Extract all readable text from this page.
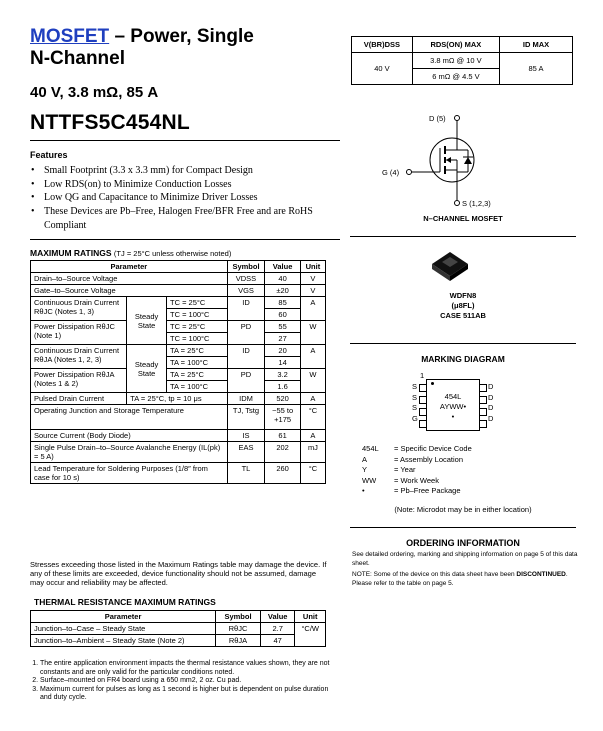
MOSFET – Power, Single
N-Channel
40 V, 3.8 mΩ, 85 A
NTTFS5C454NL
Features
• Small Footprint (3.3 x 3.3 mm) for Compact Design
• Low RDS(on) to Minimize Conduction Losses
• Low QG and Capacitance to Minimize Driver Losses
• These Devices are Pb–Free, Halogen Free/BFR Free and are RoHS Compliant
MAXIMUM RATINGS (TJ = 25°C unless otherwise noted)
Parameter			Symbol	Value	Unit
Drain–to–Source Voltage			VDSS	40	V
Gate–to–Source Voltage			VGS	±20	V
Continuous Drain Current RθJC (Notes 1, 3)	Steady State	TC = 25°C	ID	85	A
		TC = 100°C		60	
Power Dissipation RθJC (Note 1)		TC = 25°C	PD	55	W
		TC = 100°C		27	
Continuous Drain Current RθJA (Notes 1, 2, 3)	Steady State	TA = 25°C	ID	20	A
		TA = 100°C		14	
Power Dissipation RθJA (Notes 1 & 2)		TA = 25°C	PD	3.2	W
		TA = 100°C		1.6	
Pulsed Drain Current	TA = 25°C, tp = 10 μs		IDM	520	A
Operating Junction and Storage Temperature			TJ, Tstg	−55 to +175	°C
Source Current (Body Diode)			IS	61	A
Single Pulse Drain–to–Source Avalanche Energy (IL(pk) = 5 A)			EAS	202	mJ
Lead Temperature for Soldering Purposes (1/8″ from case for 10 s)			TL	260	°C
Stresses exceeding those listed in the Maximum Ratings table may damage the device. If any of these limits are exceeded, device functionality should not be assumed, damage may occur and reliability may be affected.
THERMAL RESISTANCE MAXIMUM RATINGS
Parameter	Symbol	Value	Unit
Junction–to–Case – Steady State	RθJC	2.7	°C/W
Junction–to–Ambient – Steady State (Note 2)	RθJA	47	
1. The entire application environment impacts the thermal resistance values shown, they are not constants and are only valid for the particular conditions noted.
2. Surface–mounted on FR4 board using a 650 mm2, 2 oz. Cu pad.
3. Maximum current for pulses as long as 1 second is higher but is dependent on pulse duration and duty cycle.
V(BR)DSS	RDS(ON) MAX	ID MAX
40 V	3.8 mΩ @ 10 V	85 A
	6 mΩ @ 4.5 V	
D (5)
G (4)
S (1,2,3)
N–CHANNEL MOSFET
WDFN8
(μ8FL)
CASE 511AB
MARKING DIAGRAM
454L
AYWW•
•
1
S
S
S
G
D
D
D
D
454L	= Specific Device Code
A	= Assembly Location
Y	= Year
WW	= Work Week
•	= Pb–Free Package
(Note: Microdot may be in either location)
ORDERING INFORMATION
See detailed ordering, marking and shipping information on page 5 of this data sheet.
NOTE: Some of the device on this data sheet have been DISCONTINUED. Please refer to the table on page 5.
